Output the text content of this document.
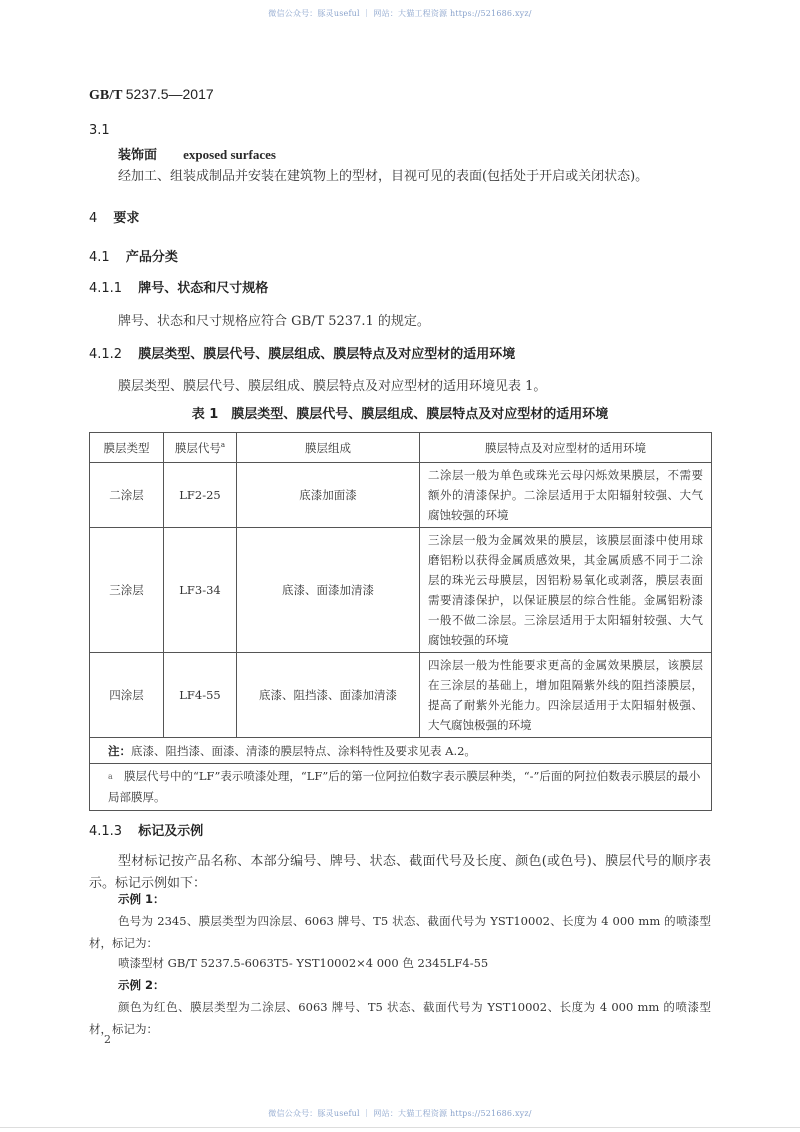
微信公众号：豚灵useful ｜ 网站：大猫工程资源 https://521686.xyz/
GB/T 5237.5—2017
3.1
装饰面 exposed surfaces
经加工、组装成制品并安装在建筑物上的型材，目视可见的表面(包括处于开启或关闭状态)。
4 要求
4.1 产品分类
4.1.1 牌号、状态和尺寸规格
牌号、状态和尺寸规格应符合 GB/T 5237.1 的规定。
4.1.2 膜层类型、膜层代号、膜层组成、膜层特点及对应型材的适用环境
膜层类型、膜层代号、膜层组成、膜层特点及对应型材的适用环境见表 1。
表 1　膜层类型、膜层代号、膜层组成、膜层特点及对应型材的适用环境
膜层类型	膜层代号$^a$	膜层组成	膜层特点及对应型材的适用环境
二涂层	LF2-25	底漆加面漆	二涂层一般为单色或珠光云母闪烁效果膜层，不需要额外的清漆保护。二涂层适用于太阳辐射较强、大气腐蚀较强的环境
三涂层	LF3-34	底漆、面漆加清漆	三涂层一般为金属效果的膜层，该膜层面漆中使用球磨铝粉以获得金属质感效果，其金属质感不同于二涂层的珠光云母膜层，因铝粉易氧化或剥落，膜层表面需要清漆保护，以保证膜层的综合性能。金属铝粉漆一般不做二涂层。三涂层适用于太阳辐射较强、大气腐蚀较强的环境
四涂层	LF4-55	底漆、阻挡漆、面漆加清漆	四涂层一般为性能要求更高的金属效果膜层，该膜层在三涂层的基础上，增加阻隔紫外线的阻挡漆膜层，提高了耐紫外光能力。四涂层适用于太阳辐射极强、大气腐蚀极强的环境
注：底漆、阻挡漆、面漆、清漆的膜层特点、涂料特性及要求见表 A.2。			
a 膜层代号中的“LF”表示喷漆处理，“LF”后的第一位阿拉伯数字表示膜层种类，“-”后面的阿拉伯数表示膜层的最小局部膜厚。			
4.1.3 标记及示例
型材标记按产品名称、本部分编号、牌号、状态、截面代号及长度、颜色(或色号)、膜层代号的顺序表示。标记示例如下：
示例 1：
色号为 2345、膜层类型为四涂层、6063 牌号、T5 状态、截面代号为 YST10002、长度为 4 000 mm 的喷漆型材，标记为：
喷漆型材 GB/T 5237.5-6063T5- YST10002×4 000 色 2345LF4-55
示例 2：
颜色为红色、膜层类型为二涂层、6063 牌号、T5 状态、截面代号为 YST10002、长度为 4 000 mm 的喷漆型材，标记为：
2
微信公众号：豚灵useful ｜ 网站：大猫工程资源 https://521686.xyz/
